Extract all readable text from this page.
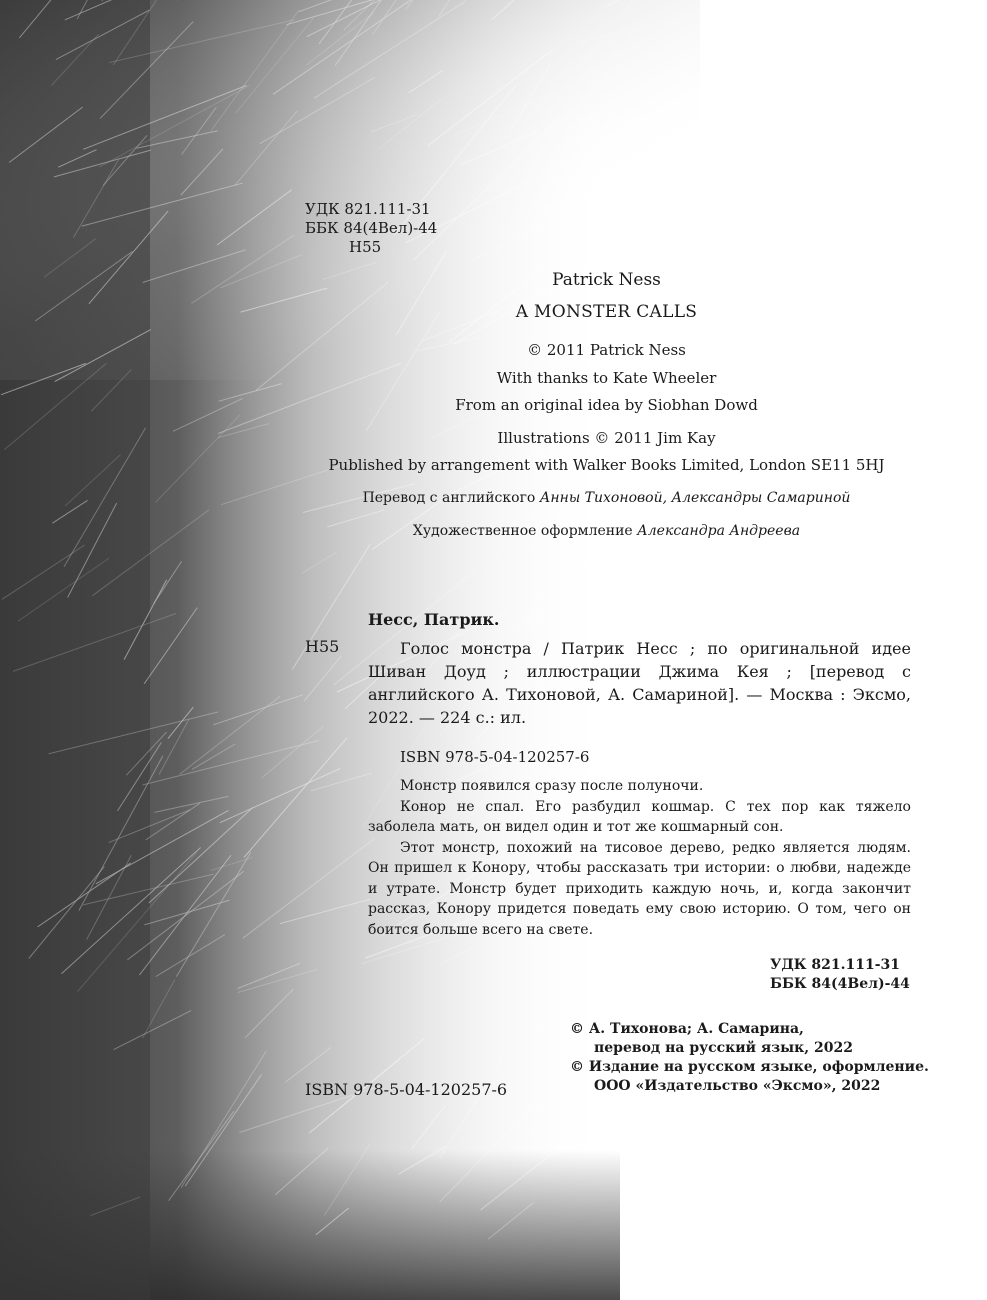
УДК 821.111-31
ББК 84(4Вел)-44
Н55
Patrick Ness
A MONSTER CALLS
© 2011 Patrick Ness
With thanks to Kate Wheeler
From an original idea by Siobhan Dowd
Illustrations © 2011 Jim Kay
Published by arrangement with Walker Books Limited, London SE11 5HJ
Перевод с английского Анны Тихоновой, Александры Самариной
Художественное оформление Александра Андреева
Несс, Патрик.
Н55	Голос монстра / Патрик Несс ; по оригинальной идее Шиван Доуд ; иллюстрации Джима Кея ; [перевод с английского А. Тихоновой, А. Самариной]. — Москва : Эксмо, 2022. — 224 с.: ил.

ISBN 978-5-04-120257-6

Монстр появился сразу после полуночи.

Конор не спал. Его разбудил кошмар. С тех пор как тяжело заболела мать, он видел один и тот же кошмарный сон.

Этот монстр, похожий на тисовое дерево, редко является людям. Он пришел к Конору, чтобы рассказать три истории: о любви, надежде и утрате. Монстр будет приходить каждую ночь, и, когда закончит рассказ, Конору придется поведать ему свою историю. О том, чего он боится больше всего на свете.

УДК 821.111-31
ББК 84(4Вел)-44
© А. Тихонова; А. Самарина,
перевод на русский язык, 2022
© Издание на русском языке, оформление.
ООО «Издательство «Эксмо», 2022
ISBN 978-5-04-120257-6
